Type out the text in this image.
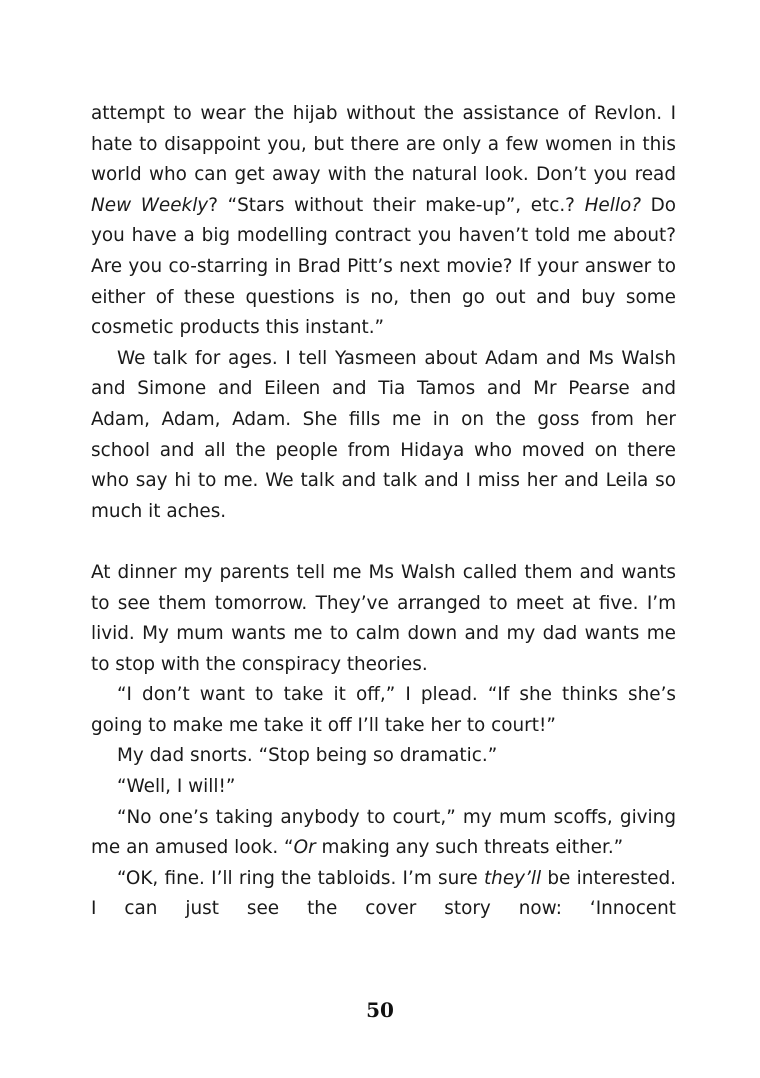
attempt to wear the hijab without the assistance of Revlon. I hate to disappoint you, but there are only a few women in this world who can get away with the natural look. Don’t you read New Weekly? “Stars without their make-up”, etc.? Hello? Do you have a big modelling contract you haven’t told me about? Are you co-starring in Brad Pitt’s next movie? If your answer to either of these questions is no, then go out and buy some cosmetic products this instant.”

We talk for ages. I tell Yasmeen about Adam and Ms Walsh and Simone and Eileen and Tia Tamos and Mr Pearse and Adam, Adam, Adam. She fills me in on the goss from her school and all the people from Hidaya who moved on there who say hi to me. We talk and talk and I miss her and Leila so much it aches.

At dinner my parents tell me Ms Walsh called them and wants to see them tomorrow. They’ve arranged to meet at five. I’m livid. My mum wants me to calm down and my dad wants me to stop with the conspiracy theories.

“I don’t want to take it off,” I plead. “If she thinks she’s going to make me take it off I’ll take her to court!”

My dad snorts. “Stop being so dramatic.”

“Well, I will!”

“No one’s taking anybody to court,” my mum scoffs, giving me an amused look. “Or making any such threats either.”

“OK, fine. I’ll ring the tabloids. I’m sure they’ll be interested. I can just see the cover story now: ‘Innocent

50
